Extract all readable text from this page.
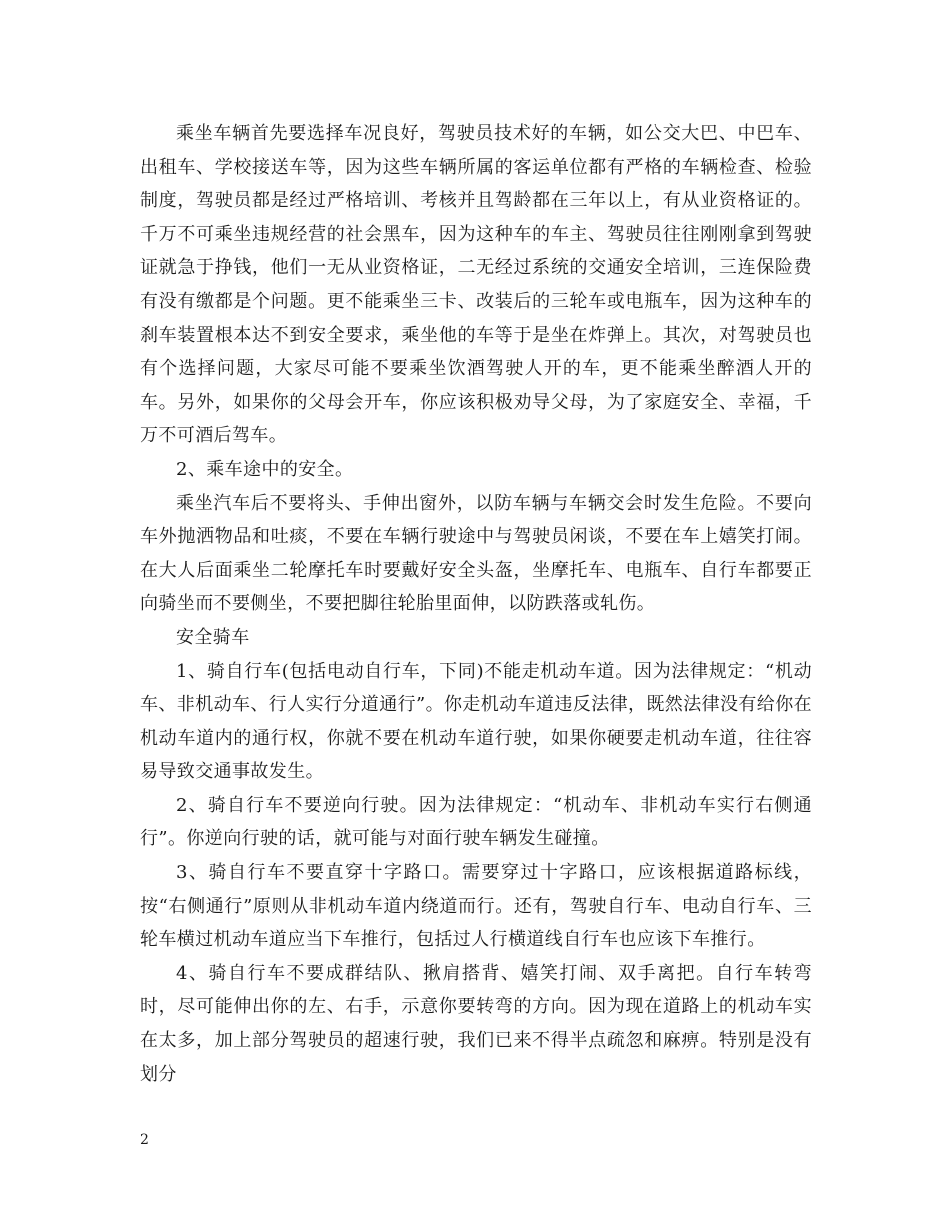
乘坐车辆首先要选择车况良好，驾驶员技术好的车辆，如公交大巴、中巴车、出租车、学校接送车等，因为这些车辆所属的客运单位都有严格的车辆检查、检验制度，驾驶员都是经过严格培训、考核并且驾龄都在三年以上，有从业资格证的。千万不可乘坐违规经营的社会黑车，因为这种车的车主、驾驶员往往刚刚拿到驾驶证就急于挣钱，他们一无从业资格证，二无经过系统的交通安全培训，三连保险费有没有缴都是个问题。更不能乘坐三卡、改装后的三轮车或电瓶车，因为这种车的刹车装置根本达不到安全要求，乘坐他的车等于是坐在炸弹上。其次，对驾驶员也有个选择问题，大家尽可能不要乘坐饮酒驾驶人开的车，更不能乘坐醉酒人开的车。另外，如果你的父母会开车，你应该积极劝导父母，为了家庭安全、幸福，千万不可酒后驾车。

2、乘车途中的安全。

乘坐汽车后不要将头、手伸出窗外，以防车辆与车辆交会时发生危险。不要向车外抛洒物品和吐痰，不要在车辆行驶途中与驾驶员闲谈，不要在车上嬉笑打闹。在大人后面乘坐二轮摩托车时要戴好安全头盔，坐摩托车、电瓶车、自行车都要正向骑坐而不要侧坐，不要把脚往轮胎里面伸，以防跌落或轧伤。

安全骑车

1、骑自行车(包括电动自行车，下同)不能走机动车道。因为法律规定：“机动车、非机动车、行人实行分道通行”。你走机动车道违反法律，既然法律没有给你在机动车道内的通行权，你就不要在机动车道行驶，如果你硬要走机动车道，往往容易导致交通事故发生。

2、骑自行车不要逆向行驶。因为法律规定：“机动车、非机动车实行右侧通行”。你逆向行驶的话，就可能与对面行驶车辆发生碰撞。

3、骑自行车不要直穿十字路口。需要穿过十字路口，应该根据道路标线，按“右侧通行”原则从非机动车道内绕道而行。还有，驾驶自行车、电动自行车、三轮车横过机动车道应当下车推行，包括过人行横道线自行车也应该下车推行。

4、骑自行车不要成群结队、揪肩搭背、嬉笑打闹、双手离把。自行车转弯时，尽可能伸出你的左、右手，示意你要转弯的方向。因为现在道路上的机动车实在太多，加上部分驾驶员的超速行驶，我们已来不得半点疏忽和麻痹。特别是没有划分

2
